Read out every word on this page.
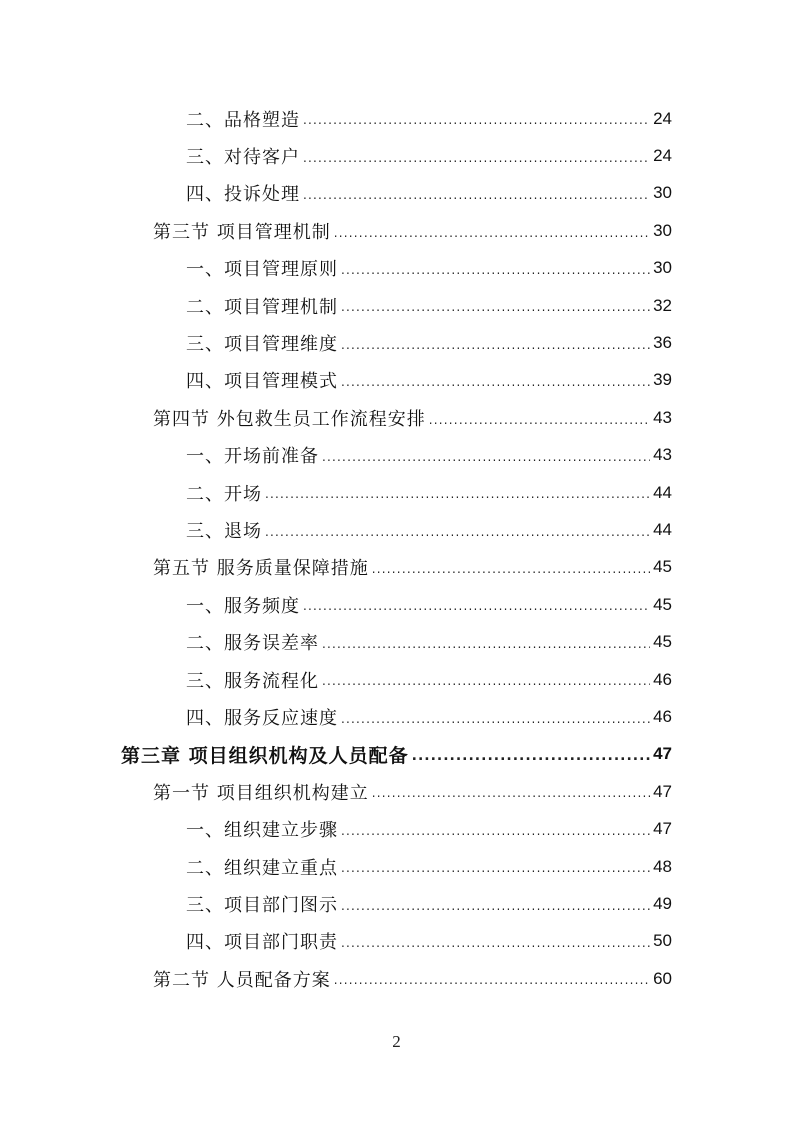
二、品格塑造 .....	24
三、对待客户 .....	24
四、投诉处理 .....	30
第三节 项目管理机制 .....	30
一、项目管理原则 .....	30
二、项目管理机制 .....	32
三、项目管理维度 .....	36
四、项目管理模式 .....	39
第四节 外包救生员工作流程安排 .....	43
一、开场前准备 .....	43
二、开场 .....	44
三、退场 .....	44
第五节 服务质量保障措施 .....	45
一、服务频度 .....	45
二、服务误差率 .....	45
三、服务流程化 .....	46
四、服务反应速度 .....	46
第三章 项目组织机构及人员配备 .....	47
第一节 项目组织机构建立 .....	47
一、组织建立步骤 .....	47
二、组织建立重点 .....	48
三、项目部门图示 .....	49
四、项目部门职责 .....	50
第二节 人员配备方案 .....	60
2
